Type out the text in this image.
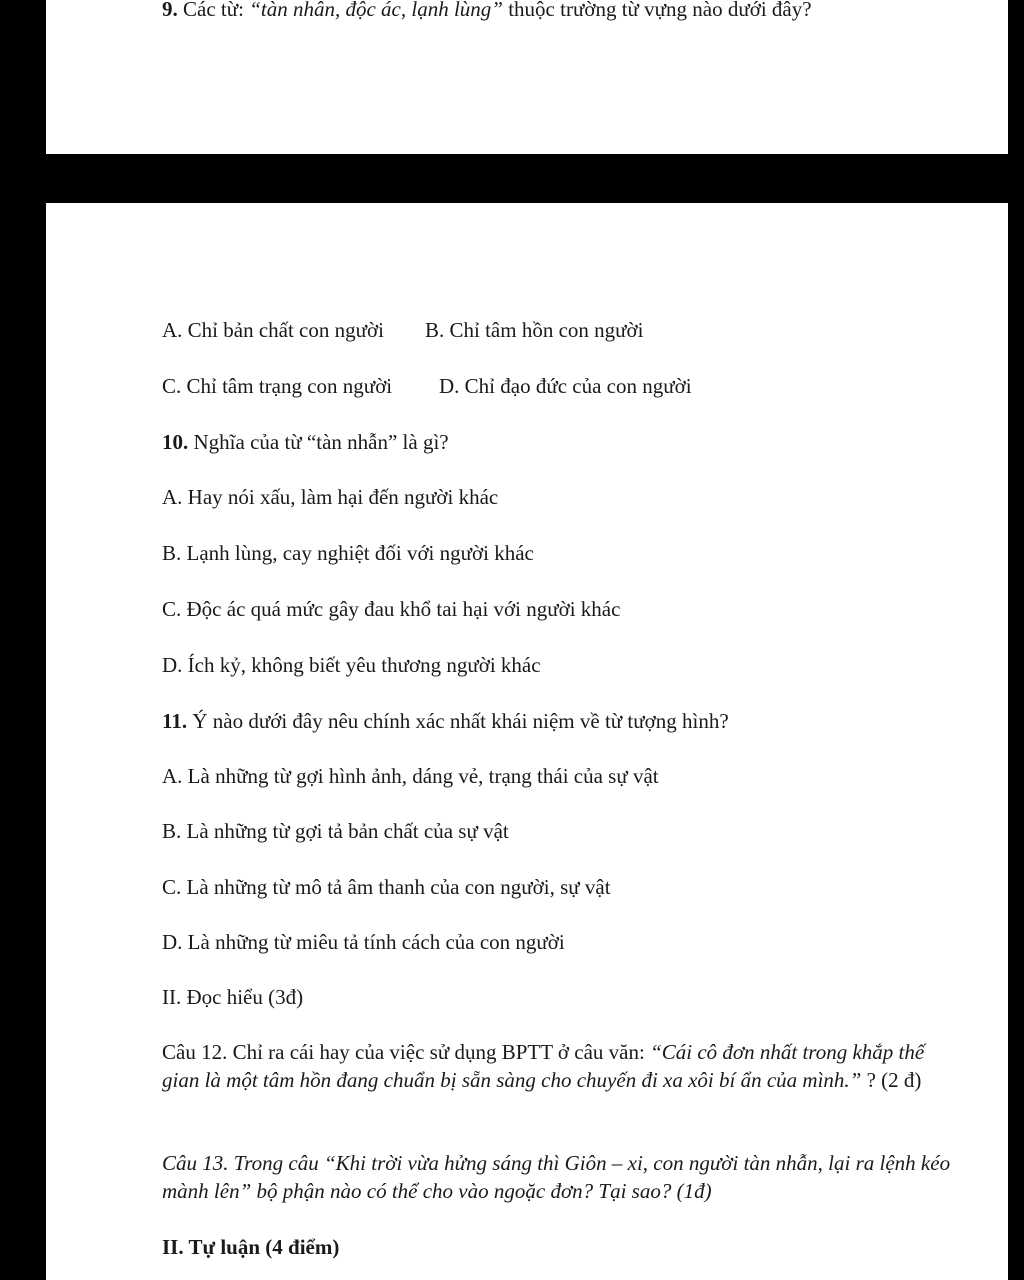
9. Các từ: “tàn nhân, độc ác, lạnh lùng” thuộc trường từ vựng nào dưới đây?
A. Chỉ bản chất con người B. Chỉ tâm hồn con người
C. Chỉ tâm trạng con người D. Chỉ đạo đức của con người
10. Nghĩa của từ “tàn nhẫn” là gì?
A. Hay nói xấu, làm hại đến người khác
B. Lạnh lùng, cay nghiệt đối với người khác
C. Độc ác quá mức gây đau khổ tai hại với người khác
D. Ích kỷ, không biết yêu thương người khác
11. Ý nào dưới đây nêu chính xác nhất khái niệm về từ tượng hình?
A. Là những từ gợi hình ảnh, dáng vẻ, trạng thái của sự vật
B. Là những từ gợi tả bản chất của sự vật
C. Là những từ mô tả âm thanh của con người, sự vật
D. Là những từ miêu tả tính cách của con người
II. Đọc hiểu (3đ)
Câu 12. Chỉ ra cái hay của việc sử dụng BPTT ở câu văn: “Cái cô đơn nhất trong khắp thế gian là một tâm hồn đang chuẩn bị sẵn sàng cho chuyến đi xa xôi bí ẩn của mình.” ? (2 đ)
Câu 13. Trong câu “Khi trời vừa hửng sáng thì Giôn – xi, con người tàn nhẫn, lại ra lệnh kéo mành lên” bộ phận nào có thể cho vào ngoặc đơn? Tại sao? (1đ)
II. Tự luận (4 điểm)
